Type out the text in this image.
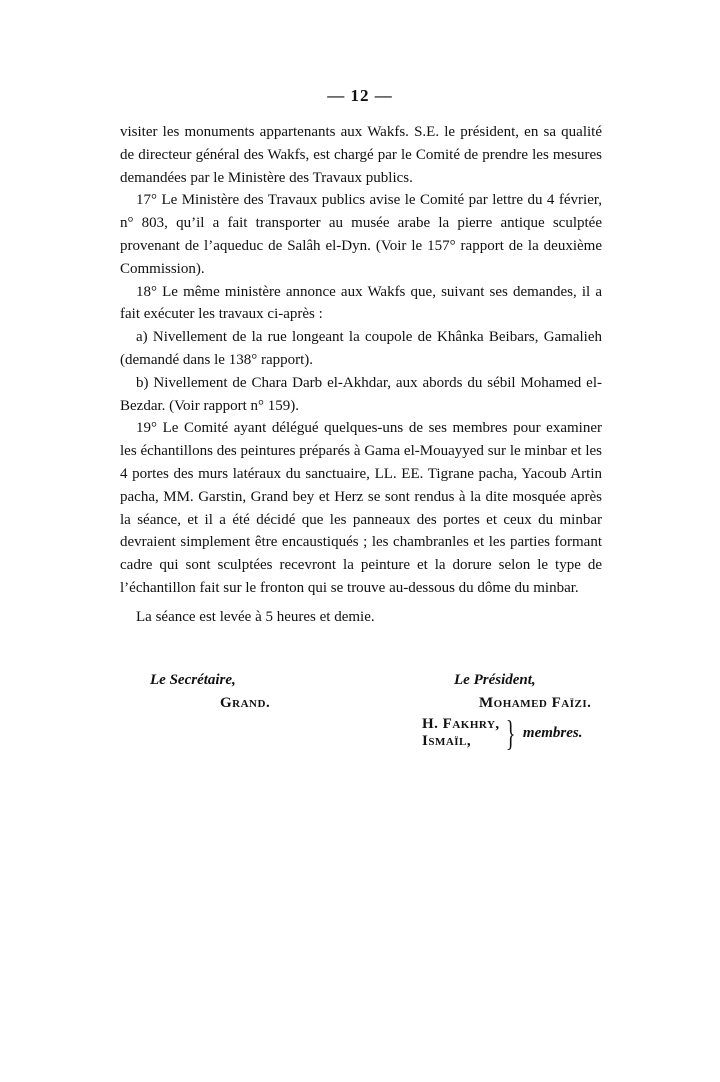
— 12 —

visiter les monuments appartenants aux Wakfs. S.E. le président, en sa qualité de directeur général des Wakfs, est chargé par le Comité de prendre les mesures demandées par le Ministère des Travaux publics.

17° Le Ministère des Travaux publics avise le Comité par lettre du 4 février, n° 803, qu’il a fait transporter au musée arabe la pierre antique sculptée provenant de l’aqueduc de Salâh el-Dyn. (Voir le 157° rapport de la deuxième Commission).

18° Le même ministère annonce aux Wakfs que, suivant ses demandes, il a fait exécuter les travaux ci-après :

a) Nivellement de la rue longeant la coupole de Khânka Beibars, Gamalieh (demandé dans le 138° rapport).

b) Nivellement de Chara Darb el-Akhdar, aux abords du sébil Mohamed el-Bezdar. (Voir rapport n° 159).

19° Le Comité ayant délégué quelques-uns de ses membres pour examiner les échantillons des peintures préparés à Gama el-Mouayyed sur le minbar et les 4 portes des murs latéraux du sanctuaire, LL. EE. Tigrane pacha, Yacoub Artin pacha, MM. Garstin, Grand bey et Herz se sont rendus à la dite mosquée après la séance, et il a été décidé que les panneaux des portes et ceux du minbar devraient simplement être encaustiqués ; les chambranles et les parties formant cadre qui sont sculptées recevront la peinture et la dorure selon le type de l’échantillon fait sur le fronton qui se trouve au-dessous du dôme du minbar.

La séance est levée à 5 heures et demie.

Le Secrétaire,
Grand.
Le Président,
Mohamed Faïzi.
H. Fakhry,
Ismaïl, } membres.
